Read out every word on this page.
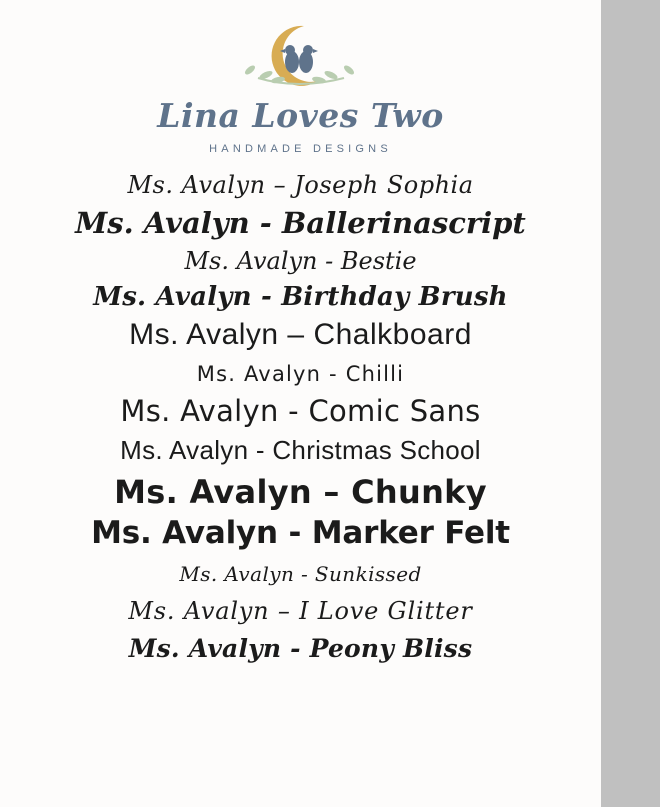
Lina Loves Two
HANDMADE DESIGNS
Ms. Avalyn – Joseph Sophia
Ms. Avalyn - Ballerinascript
Ms. Avalyn - Bestie
Ms. Avalyn - Birthday Brush
Ms. Avalyn – Chalkboard
Ms. Avalyn - Chilli
Ms. Avalyn - Comic Sans
Ms. Avalyn - Christmas School
Ms. Avalyn – Chunky
Ms. Avalyn - Marker Felt
Ms. Avalyn - Sunkissed
Ms. Avalyn – I Love Glitter
Ms. Avalyn - Peony Bliss
